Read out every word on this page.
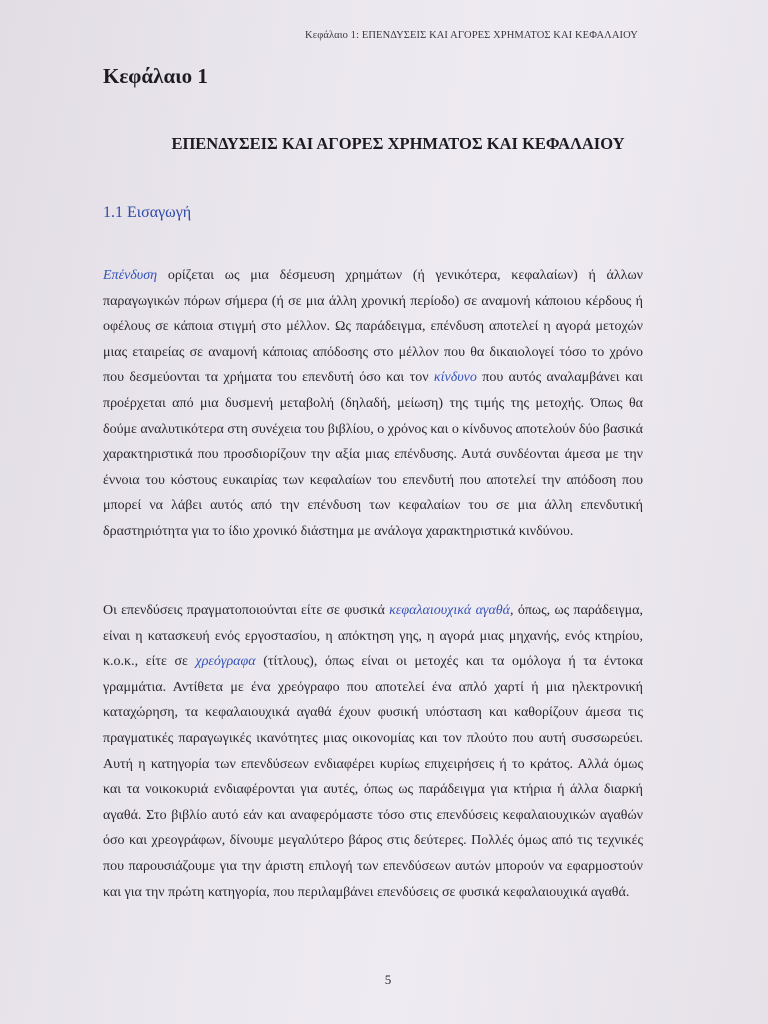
Κεφάλαιο 1: ΕΠΕΝΔΥΣΕΙΣ ΚΑΙ ΑΓΟΡΕΣ ΧΡΗΜΑΤΟΣ ΚΑΙ ΚΕΦΑΛΑΙΟΥ
Κεφάλαιο 1
ΕΠΕΝΔΥΣΕΙΣ ΚΑΙ ΑΓΟΡΕΣ ΧΡΗΜΑΤΟΣ ΚΑΙ ΚΕΦΑΛΑΙΟΥ
1.1 Εισαγωγή

Επένδυση ορίζεται ως μια δέσμευση χρημάτων (ή γενικότερα, κεφαλαίων) ή άλλων παραγωγικών πόρων σήμερα (ή σε μια άλλη χρονική περίοδο) σε αναμονή κάποιου κέρδους ή οφέλους σε κάποια στιγμή στο μέλλον. Ως παράδειγμα, επένδυση αποτελεί η αγορά μετοχών μιας εταιρείας σε αναμονή κάποιας απόδοσης στο μέλλον που θα δικαιολογεί τόσο το χρόνο που δεσμεύονται τα χρήματα του επενδυτή όσο και τον κίνδυνο που αυτός αναλαμβάνει και προέρχεται από μια δυσμενή μεταβολή (δηλαδή, μείωση) της τιμής της μετοχής. Όπως θα δούμε αναλυτικότερα στη συνέχεια του βιβλίου, ο χρόνος και ο κίνδυνος αποτελούν δύο βασικά χαρακτηριστικά που προσδιορίζουν την αξία μιας επένδυσης. Αυτά συνδέονται άμεσα με την έννοια του κόστους ευκαιρίας των κεφαλαίων του επενδυτή που αποτελεί την απόδοση που μπορεί να λάβει αυτός από την επένδυση των κεφαλαίων του σε μια άλλη επενδυτική δραστηριότητα για το ίδιο χρονικό διάστημα με ανάλογα χαρακτηριστικά κινδύνου.

Οι επενδύσεις πραγματοποιούνται είτε σε φυσικά κεφαλαιουχικά αγαθά, όπως, ως παράδειγμα, είναι η κατασκευή ενός εργοστασίου, η απόκτηση γης, η αγορά μιας μηχανής, ενός κτηρίου, κ.ο.κ., είτε σε χρεόγραφα (τίτλους), όπως είναι οι μετοχές και τα ομόλογα ή τα έντοκα γραμμάτια. Αντίθετα με ένα χρεόγραφο που αποτελεί ένα απλό χαρτί ή μια ηλεκτρονική καταχώρηση, τα κεφαλαιουχικά αγαθά έχουν φυσική υπόσταση και καθορίζουν άμεσα τις πραγματικές παραγωγικές ικανότητες μιας οικονομίας και τον πλούτο που αυτή συσσωρεύει. Αυτή η κατηγορία των επενδύσεων ενδιαφέρει κυρίως επιχειρήσεις ή το κράτος. Αλλά όμως και τα νοικοκυριά ενδιαφέρονται για αυτές, όπως ως παράδειγμα για κτήρια ή άλλα διαρκή αγαθά. Στο βιβλίο αυτό εάν και αναφερόμαστε τόσο στις επενδύσεις κεφαλαιουχικών αγαθών όσο και χρεογράφων, δίνουμε μεγαλύτερο βάρος στις δεύτερες. Πολλές όμως από τις τεχνικές που παρουσιάζουμε για την άριστη επιλογή των επενδύσεων αυτών μπορούν να εφαρμοστούν και για την πρώτη κατηγορία, που περιλαμβάνει επενδύσεις σε φυσικά κεφαλαιουχικά αγαθά.

5
